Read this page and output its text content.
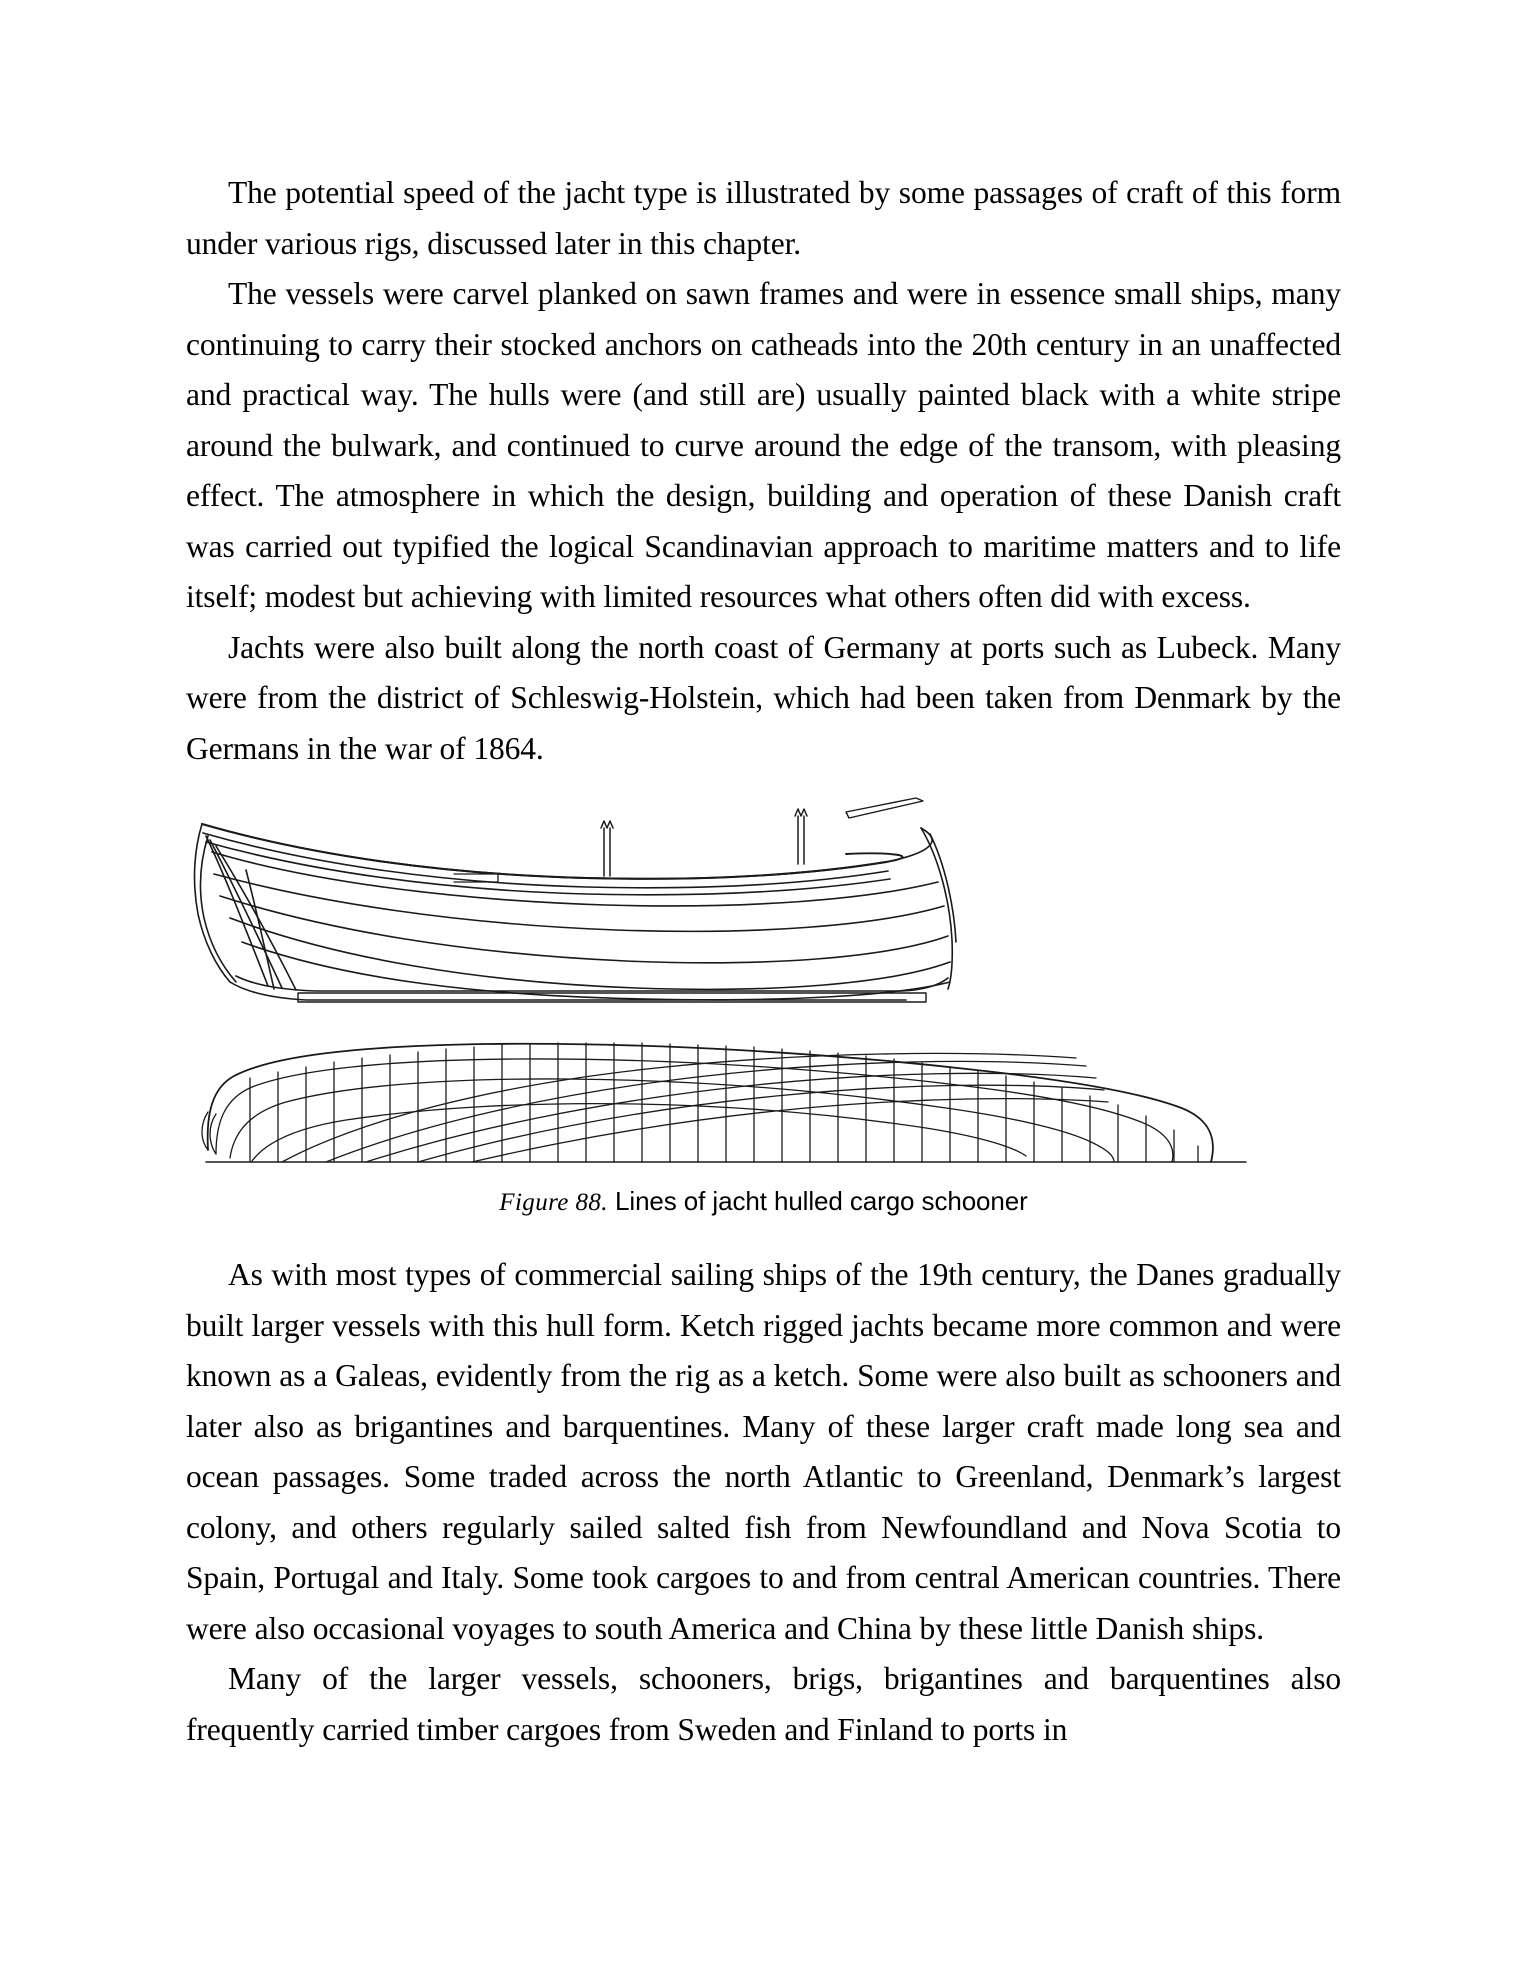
The potential speed of the jacht type is illustrated by some passages of craft of this form under various rigs, discussed later in this chapter.

The vessels were carvel planked on sawn frames and were in essence small ships, many continuing to carry their stocked anchors on catheads into the 20th century in an unaffected and practical way. The hulls were (and still are) usually painted black with a white stripe around the bulwark, and continued to curve around the edge of the transom, with pleasing effect. The atmosphere in which the design, building and operation of these Danish craft was carried out typified the logical Scandinavian approach to maritime matters and to life itself; modest but achieving with limited resources what others often did with excess.

Jachts were also built along the north coast of Germany at ports such as Lubeck. Many were from the district of Schleswig-Holstein, which had been taken from Denmark by the Germans in the war of 1864.

Figure 88. Lines of jacht hulled cargo schooner

As with most types of commercial sailing ships of the 19th century, the Danes gradually built larger vessels with this hull form. Ketch rigged jachts became more common and were known as a Galeas, evidently from the rig as a ketch. Some were also built as schooners and later also as brigantines and barquentines. Many of these larger craft made long sea and ocean passages. Some traded across the north Atlantic to Greenland, Denmark’s largest colony, and others regularly sailed salted fish from Newfoundland and Nova Scotia to Spain, Portugal and Italy. Some took cargoes to and from central American countries. There were also occasional voyages to south America and China by these little Danish ships.

Many of the larger vessels, schooners, brigs, brigantines and barquentines also frequently carried timber cargoes from Sweden and Finland to ports in
